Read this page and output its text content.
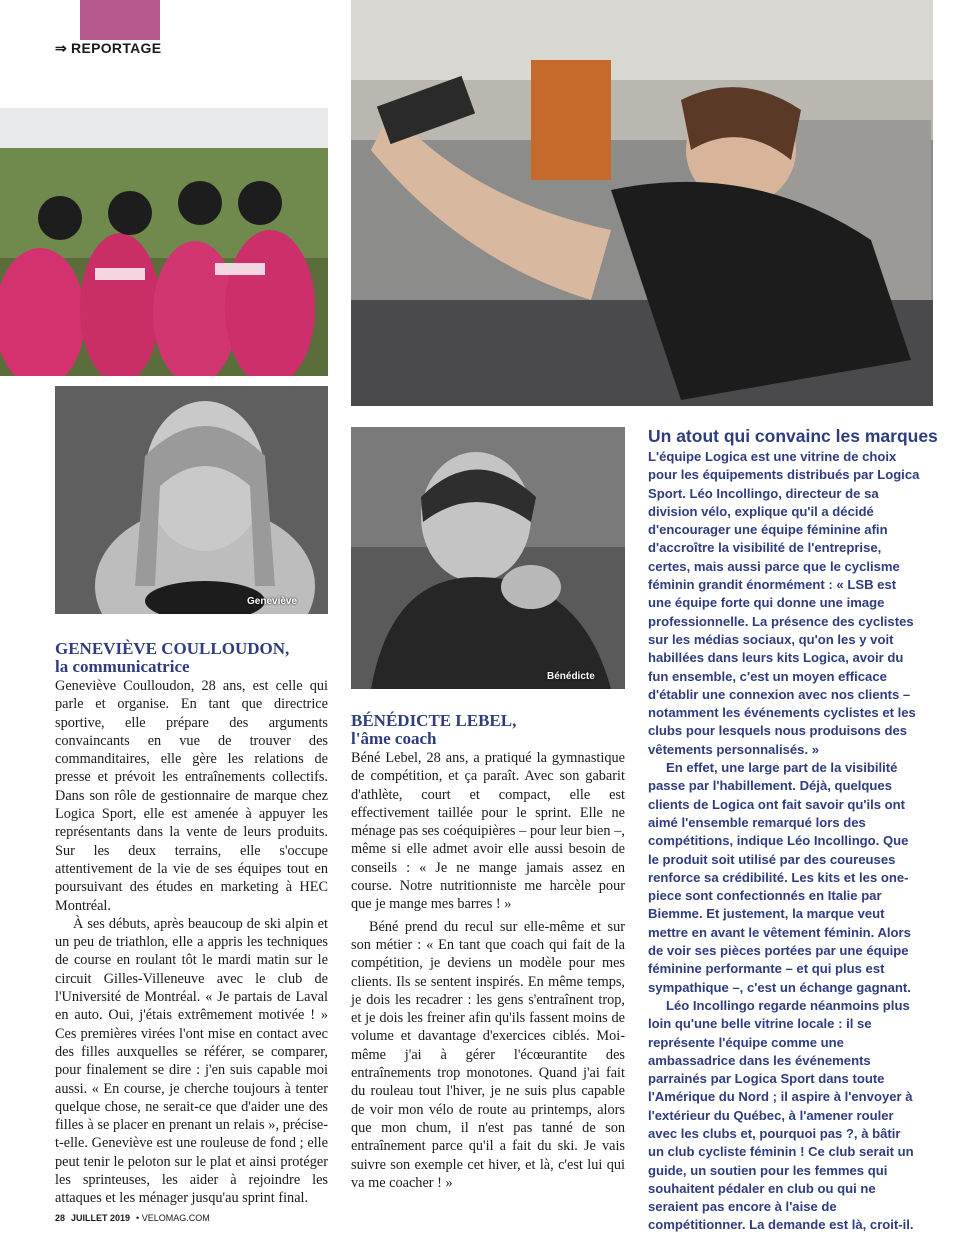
⇒ REPORTAGE
Geneviève
Bénédicte
GENEVIÈVE COULLOUDON,
la communicatrice

Geneviève Coulloudon, 28 ans, est celle qui parle et organise. En tant que directrice sportive, elle prépare des arguments convaincants en vue de trouver des commanditaires, elle gère les relations de presse et prévoit les entraînements collectifs. Dans son rôle de gestionnaire de marque chez Logica Sport, elle est amenée à appuyer les représentants dans la vente de leurs produits. Sur les deux terrains, elle s'occupe attentivement de la vie de ses équipes tout en poursuivant des études en marketing à HEC Montréal.

À ses débuts, après beaucoup de ski alpin et un peu de triathlon, elle a appris les techniques de course en roulant tôt le mardi matin sur le circuit Gilles-Villeneuve avec le club de l'Université de Montréal. « Je partais de Laval en auto. Oui, j'étais extrêmement motivée ! » Ces premières virées l'ont mise en contact avec des filles auxquelles se référer, se comparer, pour finalement se dire : j'en suis capable moi aussi. « En course, je cherche toujours à tenter quelque chose, ne serait-ce que d'aider une des filles à se placer en prenant un relais », précise-t-elle. Geneviève est une rouleuse de fond ; elle peut tenir le peloton sur le plat et ainsi protéger les sprinteuses, les aider à rejoindre les attaques et les ménager jusqu'au sprint final.

BÉNÉDICTE LEBEL,
l'âme coach

Béné Lebel, 28 ans, a pratiqué la gymnastique de compétition, et ça paraît. Avec son gabarit d'athlète, court et compact, elle est effectivement taillée pour le sprint. Elle ne ménage pas ses coéquipières – pour leur bien –, même si elle admet avoir elle aussi besoin de conseils : « Je ne mange jamais assez en course. Notre nutritionniste me harcèle pour que je mange mes barres ! »

Béné prend du recul sur elle-même et sur son métier : « En tant que coach qui fait de la compétition, je deviens un modèle pour mes clients. Ils se sentent inspirés. En même temps, je dois les recadrer : les gens s'entraînent trop, et je dois les freiner afin qu'ils fassent moins de volume et davantage d'exercices ciblés. Moi-même j'ai à gérer l'écœurantite des entraînements trop monotones. Quand j'ai fait du rouleau tout l'hiver, je ne suis plus capable de voir mon vélo de route au printemps, alors que mon chum, il n'est pas tanné de son entraînement parce qu'il a fait du ski. Je vais suivre son exemple cet hiver, et là, c'est lui qui va me coacher ! »

Un atout qui convainc les marques

L'équipe Logica est une vitrine de choix pour les équipements distribués par Logica Sport. Léo Incollingo, directeur de sa division vélo, explique qu'il a décidé d'encourager une équipe féminine afin d'accroître la visibilité de l'entreprise, certes, mais aussi parce que le cyclisme féminin grandit énormément : « LSB est une équipe forte qui donne une image professionnelle. La présence des cyclistes sur les médias sociaux, qu'on les y voit habillées dans leurs kits Logica, avoir du fun ensemble, c'est un moyen efficace d'établir une connexion avec nos clients – notamment les événements cyclistes et les clubs pour lesquels nous produisons des vêtements personnalisés. »

En effet, une large part de la visibilité passe par l'habillement. Déjà, quelques clients de Logica ont fait savoir qu'ils ont aimé l'ensemble remarqué lors des compétitions, indique Léo Incollingo. Que le produit soit utilisé par des coureuses renforce sa crédibilité. Les kits et les one-piece sont confectionnés en Italie par Biemme. Et justement, la marque veut mettre en avant le vêtement féminin. Alors de voir ses pièces portées par une équipe féminine performante – et qui plus est sympathique –, c'est un échange gagnant.

Léo Incollingo regarde néanmoins plus loin qu'une belle vitrine locale : il se représente l'équipe comme une ambassadrice dans les événements parrainés par Logica Sport dans toute l'Amérique du Nord ; il aspire à l'envoyer à l'extérieur du Québec, à l'amener rouler avec les clubs et, pourquoi pas ?, à bâtir un club cycliste féminin ! Ce club serait un guide, un soutien pour les femmes qui souhaitent pédaler en club ou qui ne seraient pas encore à l'aise de compétitionner. La demande est là, croit-il.

28 JUILLET 2019 • VELOMAG.COM
